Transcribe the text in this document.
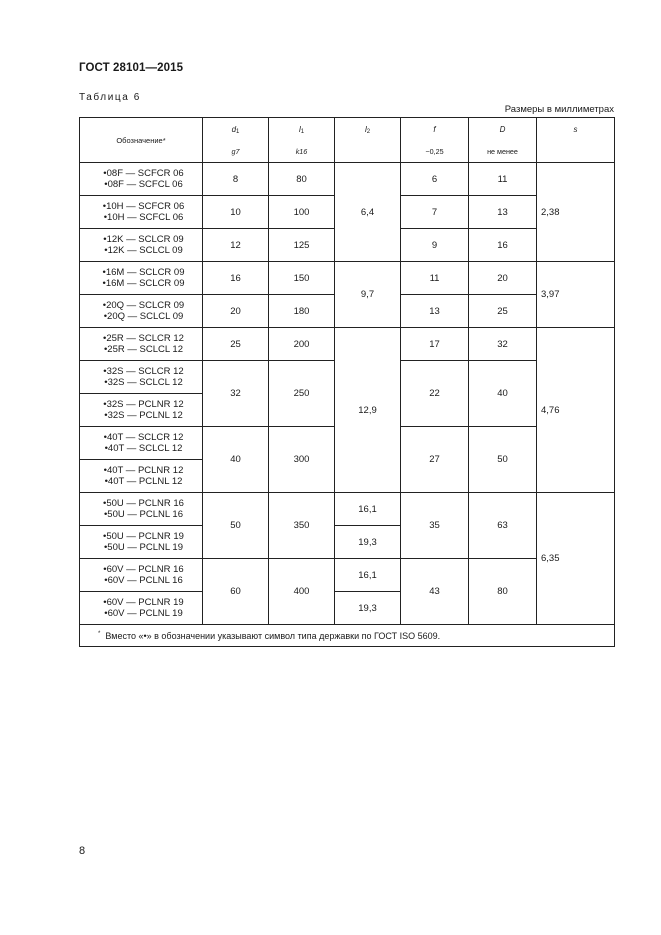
ГОСТ 28101—2015
Таблица 6
Размеры в миллиметрах
Обозначение*	d1	l1	l2	f	D	s
	g7	k16		−0,25	не менее	

•08F — SCFCR 06
•08F — SCFCL 06	8	80	6,4	6	11	2,38

•10H — SCFCR 06
•10H — SCFCL 06	10	100		7	13	

•12K — SCLCR 09
•12K — SCLCL 09	12	125		9	16	

•16M — SCLCR 09
•16M — SCLCR 09	16	150	9,7	11	20	3,97

•20Q — SCLCR 09
•20Q — SCLCL 09	20	180		13	25	

•25R — SCLCR 12
•25R — SCLCL 12	25	200	12,9	17	32	4,76

•32S — SCLCR 12
•32S — SCLCL 12	32	250		22	40	

•32S — PCLNR 12
•32S — PCLNL 12						

•40T — SCLCR 12
•40T — SCLCL 12	40	300		27	50	

•40T — PCLNR 12
•40T — PCLNL 12						

•50U — PCLNR 16
•50U — PCLNL 16	50	350	16,1	35	63	6,35

•50U — PCLNR 19
•50U — PCLNL 19			19,3			

•60V — PCLNR 16
•60V — PCLNL 16	60	400	16,1	43	80	

•60V — PCLNR 19
•60V — PCLNL 19			19,3			
* Вместо «•» в обозначении указывают символ типа державки по ГОСТ ISO 5609.						
8
